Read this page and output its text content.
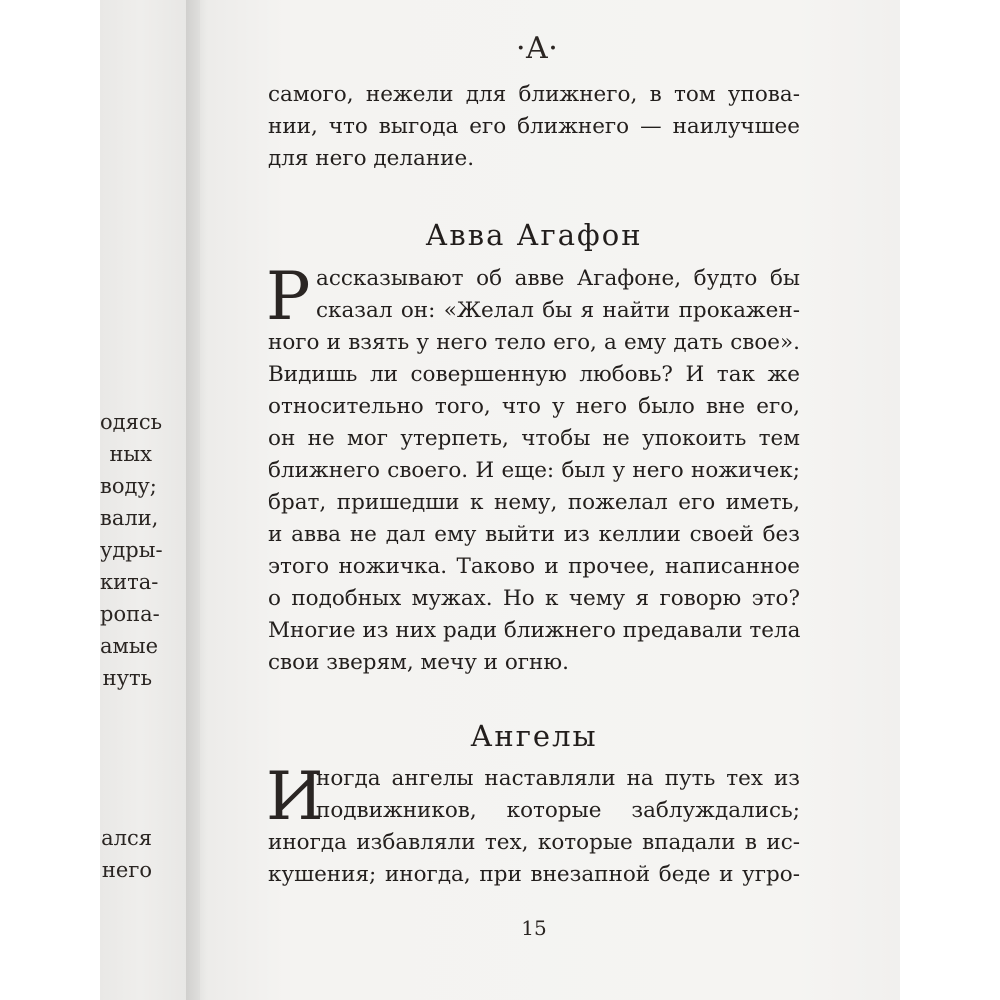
одясь
ных
воду;
вали,
удры-
кита-
ропа-
амые
нуть
ался
него
·А·
самого, нежели для ближнего, в том упова-
нии, что выгода его ближнего — наилучшее
для него делание.
Авва Агафон
Р ассказывают об авве Агафоне, будто бы
сказал он: «Желал бы я найти прокажен-
ного и взять у него тело его, а ему дать свое».
Видишь ли совершенную любовь? И так же
относительно того, что у него было вне его,
он не мог утерпеть, чтобы не упокоить тем
ближнего своего. И еще: был у него ножичек;
брат, пришедши к нему, пожелал его иметь,
и авва не дал ему выйти из келлии своей без
этого ножичка. Таково и прочее, написанное
о подобных мужах. Но к чему я говорю это?
Многие из них ради ближнего предавали тела
свои зверям, мечу и огню.
Ангелы
И
ногда ангелы наставляли на путь тех из
подвижников, которые заблуждались;
иногда избавляли тех, которые впадали в ис-
кушения; иногда, при внезапной беде и угро-
15
